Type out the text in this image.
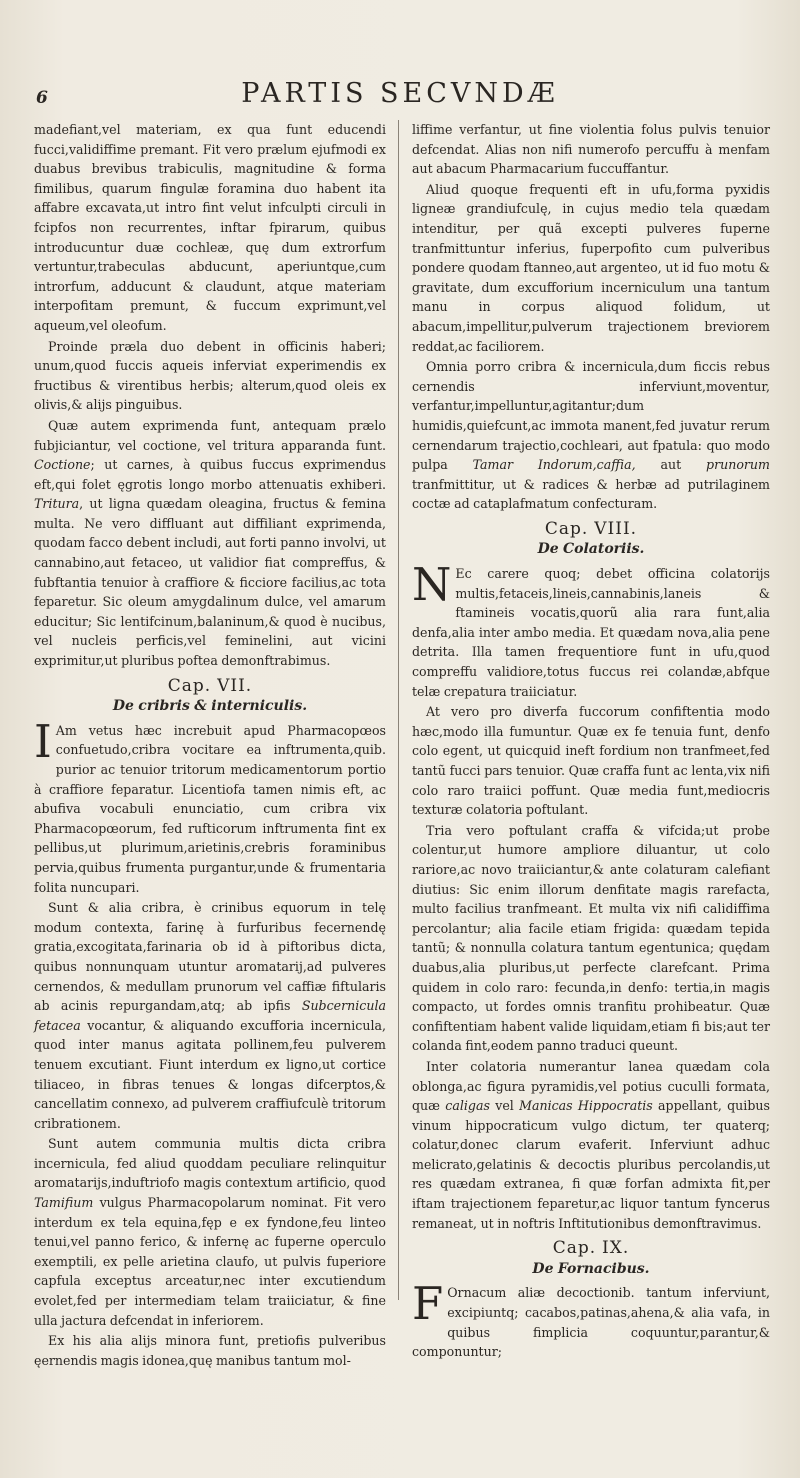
6	PARTIS SECVNDÆ

madefiant,vel materiam, ex qua funt educendi fucci,validiffime premant. Fit vero prælum ejufmodi ex duabus brevibus trabiculis, magnitudine & forma fimilibus, quarum fingulæ foramina duo habent ita affabre excavata,ut intro fint velut infculpti circuli in fcipfos non recurrentes, inftar fpirarum, quibus introducuntur duæ cochleæ, quę dum extrorfum vertuntur,trabeculas abducunt, aperiuntque,cum introrfum, adducunt & claudunt, atque materiam interpofitam premunt, & fuccum exprimunt,vel aqueum,vel oleofum.

Proinde præla duo debent in officinis haberi; unum,quod fuccis aqueis inferviat experimendis ex fructibus & virentibus herbis; alterum,quod oleis ex olivis,& alijs pinguibus.

Quæ autem exprimenda funt, antequam prælo fubjiciantur, vel coctione, vel tritura apparanda funt. Coctione; ut carnes, à quibus fuccus exprimendus eft,qui folet ęgrotis longo morbo attenuatis exhiberi. Tritura, ut ligna quædam oleagina, fructus & femina multa. Ne vero diffluant aut diffiliant exprimenda, quodam facco debent includi, aut forti panno involvi, ut cannabino,aut fetaceo, ut validior fiat compreffus, & fubftantia tenuior à craffiore & ficciore facilius,ac tota feparetur. Sic oleum amygdalinum dulce, vel amarum educitur; Sic lentifcinum,balaninum,& quod è nucibus, vel nucleis perficis,vel feminelini, aut vicini exprimitur,ut pluribus poftea demonftrabimus.

Cap. VII.
De cribris & interniculis.

I Am vetus hæc increbuit apud Pharmacopœos confuetudo,cribra vocitare ea inftrumenta,quib. purior ac tenuior tritorum medicamentorum portio à craffiore feparatur. Licentiofa tamen nimis eft, ac abufiva vocabuli enunciatio, cum cribra vix Pharmacopœorum, fed rufticorum inftrumenta fint ex pellibus,ut plurimum,arietinis,crebris foraminibus pervia,quibus frumenta purgantur,unde & frumentaria folita nuncupari.

Sunt & alia cribra, è crinibus equorum in telę modum contexta, farinę à furfuribus fecernendę gratia,excogitata,farinaria ob id à piftoribus dicta, quibus nonnunquam utuntur aromatarij,ad pulveres cernendos, & medullam prunorum vel caffiæ fiftularis ab acinis repurgandam,atq; ab ipfis Subcernicula fetacea vocantur, & aliquando excufforia incernicula, quod inter manus agitata pollinem,feu pulverem tenuem excutiant. Fiunt interdum ex ligno,ut cortice tiliaceo, in fibras tenues & longas difcerptos,& cancellatim connexo, ad pulverem craffiufculè tritorum cribrationem.

Sunt autem communia multis dicta cribra incernicula, fed aliud quoddam peculiare relinquitur aromatarijs,induftriofo magis contextum artificio, quod Tamifium vulgus Pharmacopolarum nominat. Fit vero interdum ex tela equina,fęp e ex fyndone,feu linteo tenui,vel panno ferico, & infernę ac fuperne operculo exemptili, ex pelle arietina claufo, ut pulvis fuperiore capfula exceptus arceatur,nec inter excutiendum evolet,fed per intermediam telam traiiciatur, & fine ulla jactura defcendat in inferiorem.

Ex his alia alijs minora funt, pretiofis pulveribus ęernendis magis idonea,quę manibus tantum mol-

liffime verfantur, ut fine violentia folus pulvis tenuior defcendat. Alias non nifi numerofo percuffu à menfam aut abacum Pharmacarium fuccuffantur.

Aliud quoque frequenti eft in ufu,forma pyxidis ligneæ grandiufculę, in cujus medio tela quædam intenditur, per quã excepti pulveres fuperne tranfmittuntur inferius, fuperpofito cum pulveribus pondere quodam ftanneo,aut argenteo, ut id fuo motu & gravitate, dum excufforium incerniculum una tantum manu in corpus aliquod folidum, ut abacum,impellitur,pulverum trajectionem breviorem reddat,ac faciliorem.

Omnia porro cribra & incernicula,dum ficcis rebus cernendis inferviunt,moventur, verfantur,impelluntur,agitantur;dum humidis,quiefcunt,ac immota manent,fed juvatur rerum cernendarum trajectio,cochleari, aut fpatula: quo modo pulpa Tamar Indorum,caffia, aut prunorum tranfmittitur, ut & radices & herbæ ad putrilaginem coctæ ad cataplafmatum confecturam.

Cap. VIII.
De Colatoriis.

N Ec carere quoq; debet officina colatorijs multis,fetaceis,lineis,cannabinis,laneis & ftamineis vocatis,quorũ alia rara funt,alia denfa,alia inter ambo media. Et quædam nova,alia pene detrita. Illa tamen frequentiore funt in ufu,quod compreffu validiore,totus fuccus rei colandæ,abfque telæ crepatura traiiciatur.

At vero pro diverfa fuccorum confiftentia modo hæc,modo illa fumuntur. Quæ ex fe tenuia funt, denfo colo egent, ut quicquid ineft fordium non tranfmeet,fed tantũ fucci pars tenuior. Quæ craffa funt ac lenta,vix nifi colo raro traiici poffunt. Quæ media funt,mediocris texturæ colatoria poftulant.

Tria vero poftulant craffa & vifcida;ut probe colentur,ut humore ampliore diluantur, ut colo rariore,ac novo traiiciantur,& ante colaturam calefiant diutius: Sic enim illorum denfitate magis rarefacta, multo facilius tranfmeant. Et multa vix nifi calidiffima percolantur; alia facile etiam frigida: quædam tepida tantũ; & nonnulla colatura tantum egentunica; quędam duabus,alia pluribus,ut perfecte clarefcant. Prima quidem in colo raro: fecunda,in denfo: tertia,in magis compacto, ut fordes omnis tranfitu prohibeatur. Quæ confiftentiam habent valide liquidam,etiam fi bis;aut ter colanda fint,eodem panno traduci queunt.

Inter colatoria numerantur lanea quædam cola oblonga,ac figura pyramidis,vel potius cuculli formata, quæ caligas vel Manicas Hippocratis appellant, quibus vinum hippocraticum vulgo dictum, ter quaterq; colatur,donec clarum evaferit. Inferviunt adhuc melicrato,gelatinis & decoctis pluribus percolandis,ut res quædam extranea, fi quæ forfan admixta fit,per iftam trajectionem feparetur,ac liquor tantum fyncerus remaneat, ut in noftris Inftitutionibus demonftravimus.

Cap. IX.
De Fornacibus.

F Ornacum aliæ decoctionib. tantum inferviunt, excipiuntq; cacabos,patinas,ahena,& alia vafa, in quibus fimplicia coquuntur,parantur,& componuntur;
